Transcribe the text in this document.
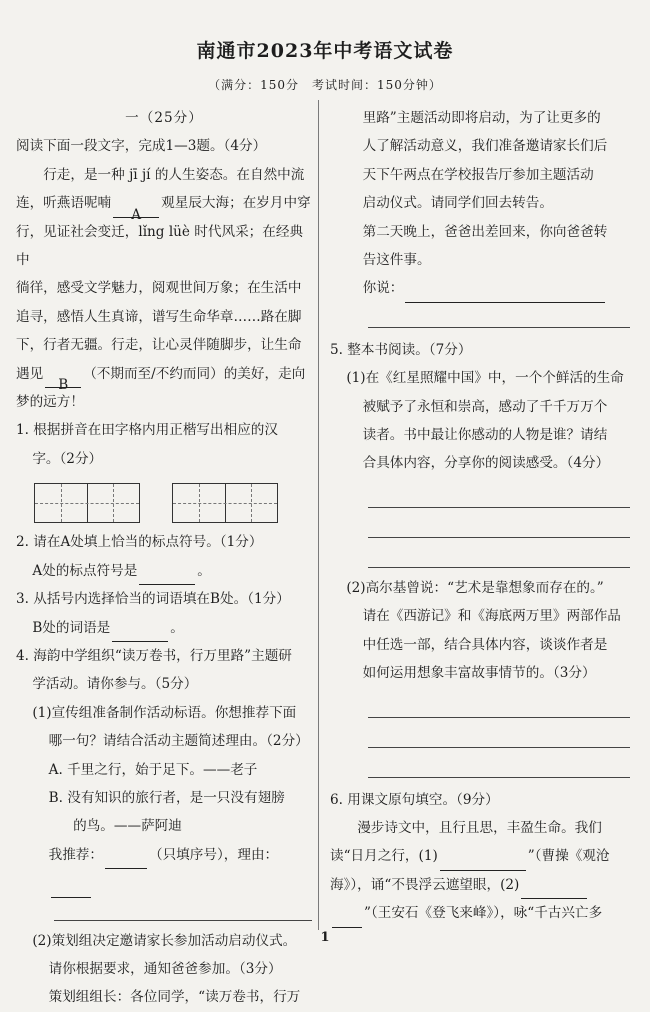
南通市2023年中考语文试卷
（满分：150分　考试时间：150分钟）

一（25分）

阅读下面一段文字，完成1—3题。（4分）

行走，是一种 jī jí 的人生姿态。在自然中流

连，听燕语呢喃A观星辰大海；在岁月中穿

行，见证社会变迁，lǐng lüè 时代风采；在经典中

徜徉，感受文学魅力，阅观世间万象；在生活中

追寻，感悟人生真谛，谱写生命华章……路在脚

下，行者无疆。行走，让心灵伴随脚步，让生命

遇见B（不期而至/不约而同）的美好，走向

梦的远方！

1. 根据拼音在田字格内用正楷写出相应的汉

字。（2分）

2. 请在A处填上恰当的标点符号。（1分）

A处的标点符号是	。

3. 从括号内选择恰当的词语填在B处。（1分）

B处的词语是	。

4. 海韵中学组织“读万卷书，行万里路”主题研

学活动。请你参与。（5分）

(1)宣传组准备制作活动标语。你想推荐下面

哪一句？请结合活动主题简述理由。（2分）

A. 千里之行，始于足下。——老子

B. 没有知识的旅行者，是一只没有翅膀

的鸟。——萨阿迪

我推荐：	（只填序号），理由：

(2)策划组决定邀请家长参加活动启动仪式。

请你根据要求，通知爸爸参加。（3分）

策划组组长：各位同学，“读万卷书，行万

里路”主题活动即将启动，为了让更多的

人了解活动意义，我们准备邀请家长们后

天下午两点在学校报告厅参加主题活动

启动仪式。请同学们回去转告。

第二天晚上，爸爸出差回来，你向爸爸转

告这件事。

你说：

5. 整本书阅读。（7分）

(1)在《红星照耀中国》中，一个个鲜活的生命

被赋予了永恒和崇高，感动了千千万万个

读者。书中最让你感动的人物是谁？请结

合具体内容，分享你的阅读感受。（4分）

(2)高尔基曾说：“艺术是靠想象而存在的。”

请在《西游记》和《海底两万里》两部作品

中任选一部，结合具体内容，谈谈作者是

如何运用想象丰富故事情节的。（3分）

6. 用课文原句填空。（9分）

漫步诗文中，且行且思，丰盈生命。我们

读“日月之行，(1)	”（曹操《观沧

海》），诵“不畏浮云遮望眼，(2)

”（王安石《登飞来峰》），咏“千古兴亡多

1
